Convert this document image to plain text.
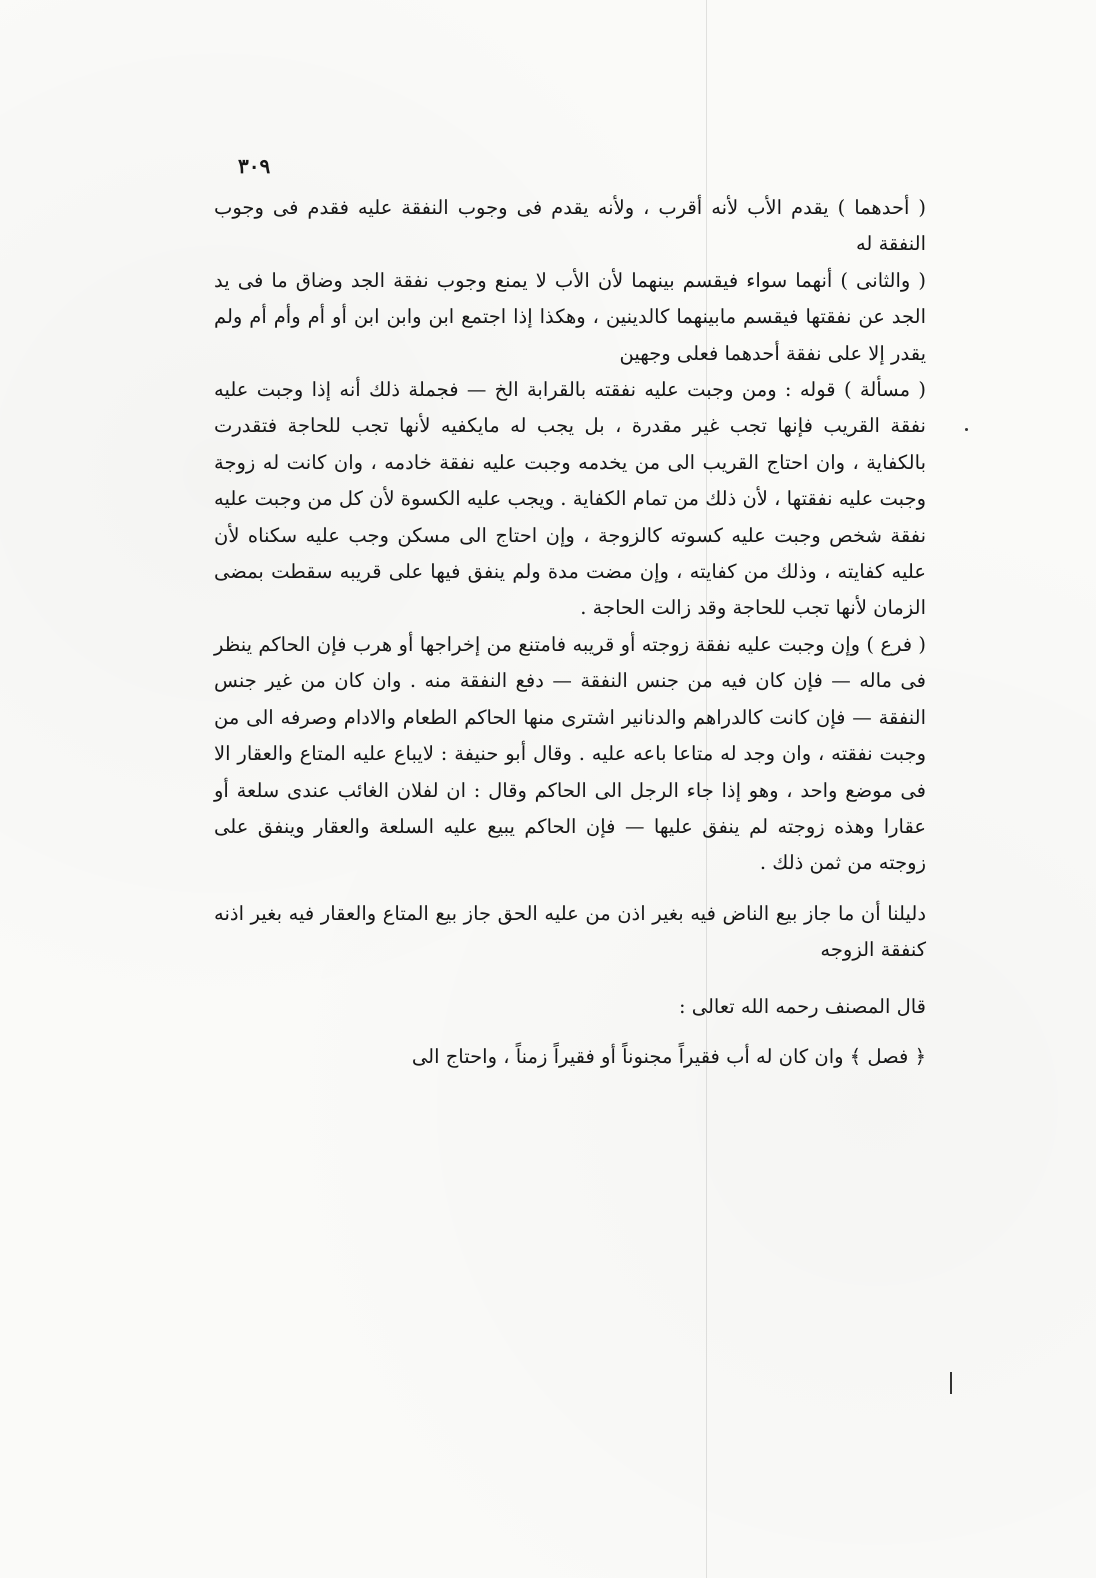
٣٠٩

( أحدهما ) يقدم الأب لأنه أقرب ، ولأنه يقدم فى وجوب النفقة عليه فقدم فى وجوب النفقة له

( والثانى ) أنهما سواء فيقسم بينهما لأن الأب لا يمنع وجوب نفقة الجد وضاق ما فى يد الجد عن نفقتها فيقسم مابينهما كالدينين ، وهكذا إذا اجتمع ابن وابن ابن أو أم وأم أم ولم يقدر إلا على نفقة أحدهما فعلى وجهين

( مسألة ) قوله : ومن وجبت عليه نفقته بالقرابة الخ — فجملة ذلك أنه إذا وجبت عليه نفقة القريب فإنها تجب غير مقدرة ، بل يجب له مايكفيه لأنها تجب للحاجة فتقدرت بالكفاية ، وان احتاج القريب الى من يخدمه وجبت عليه نفقة خادمه ، وان كانت له زوجة وجبت عليه نفقتها ، لأن ذلك من تمام الكفاية . ويجب عليه الكسوة لأن كل من وجبت عليه نفقة شخص وجبت عليه كسوته كالزوجة ، وإن احتاج الى مسكن وجب عليه سكناه لأن عليه كفايته ، وذلك من كفايته ، وإن مضت مدة ولم ينفق فيها على قريبه سقطت بمضى الزمان لأنها تجب للحاجة وقد زالت الحاجة .

( فرع ) وإن وجبت عليه نفقة زوجته أو قريبه فامتنع من إخراجها أو هرب فإن الحاكم ينظر فى ماله — فإن كان فيه من جنس النفقة — دفع النفقة منه . وان كان من غير جنس النفقة — فإن كانت كالدراهم والدنانير اشترى منها الحاكم الطعام والادام وصرفه الى من وجبت نفقته ، وان وجد له متاعا باعه عليه . وقال أبو حنيفة : لايباع عليه المتاع والعقار الا فى موضع واحد ، وهو إذا جاء الرجل الى الحاكم وقال : ان لفلان الغائب عندى سلعة أو عقارا وهذه زوجته لم ينفق عليها — فإن الحاكم يبيع عليه السلعة والعقار وينفق على زوجته من ثمن ذلك .

دليلنا أن ما جاز بيع الناض فيه بغير اذن من عليه الحق جاز بيع المتاع والعقار فيه بغير اذنه كنفقة الزوجه

قال المصنف رحمه الله تعالى :

﴿ فصل ﴾ وان كان له أب فقيراً مجنوناً أو فقيراً زمناً ، واحتاج الى
